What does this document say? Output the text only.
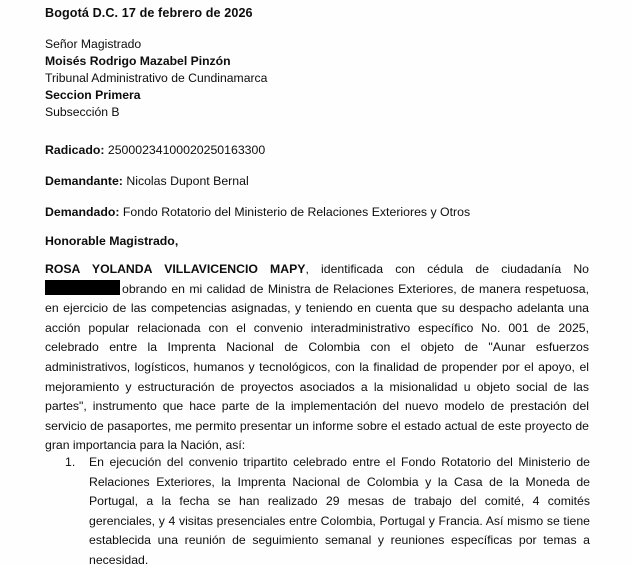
Bogotá D.C. 17 de febrero de 2026
Señor Magistrado
Moisés Rodrigo Mazabel Pinzón
Tribunal Administrativo de Cundinamarca
Seccion Primera
Subsección B
Radicado: 25000234100020250163300
Demandante: Nicolas Dupont Bernal
Demandado: Fondo Rotatorio del Ministerio de Relaciones Exteriores y Otros
Honorable Magistrado,
ROSA YOLANDA VILLAVICENCIO MAPY, identificada con cédula de ciudadanía No obrando en mi calidad de Ministra de Relaciones Exteriores, de manera respetuosa, en ejercicio de las competencias asignadas, y teniendo en cuenta que su despacho adelanta una acción popular relacionada con el convenio interadministrativo específico No. 001 de 2025, celebrado entre la Imprenta Nacional de Colombia con el objeto de "Aunar esfuerzos administrativos, logísticos, humanos y tecnológicos, con la finalidad de propender por el apoyo, el mejoramiento y estructuración de proyectos asociados a la misionalidad u objeto social de las partes", instrumento que hace parte de la implementación del nuevo modelo de prestación del servicio de pasaportes, me permito presentar un informe sobre el estado actual de este proyecto de gran importancia para la Nación, así:
1.	En ejecución del convenio tripartito celebrado entre el Fondo Rotatorio del Ministerio de Relaciones Exteriores, la Imprenta Nacional de Colombia y la Casa de la Moneda de Portugal, a la fecha se han realizado 29 mesas de trabajo del comité, 4 comités gerenciales, y 4 visitas presenciales entre Colombia, Portugal y Francia. Así mismo se tiene establecida una reunión de seguimiento semanal y reuniones específicas por temas a necesidad.
